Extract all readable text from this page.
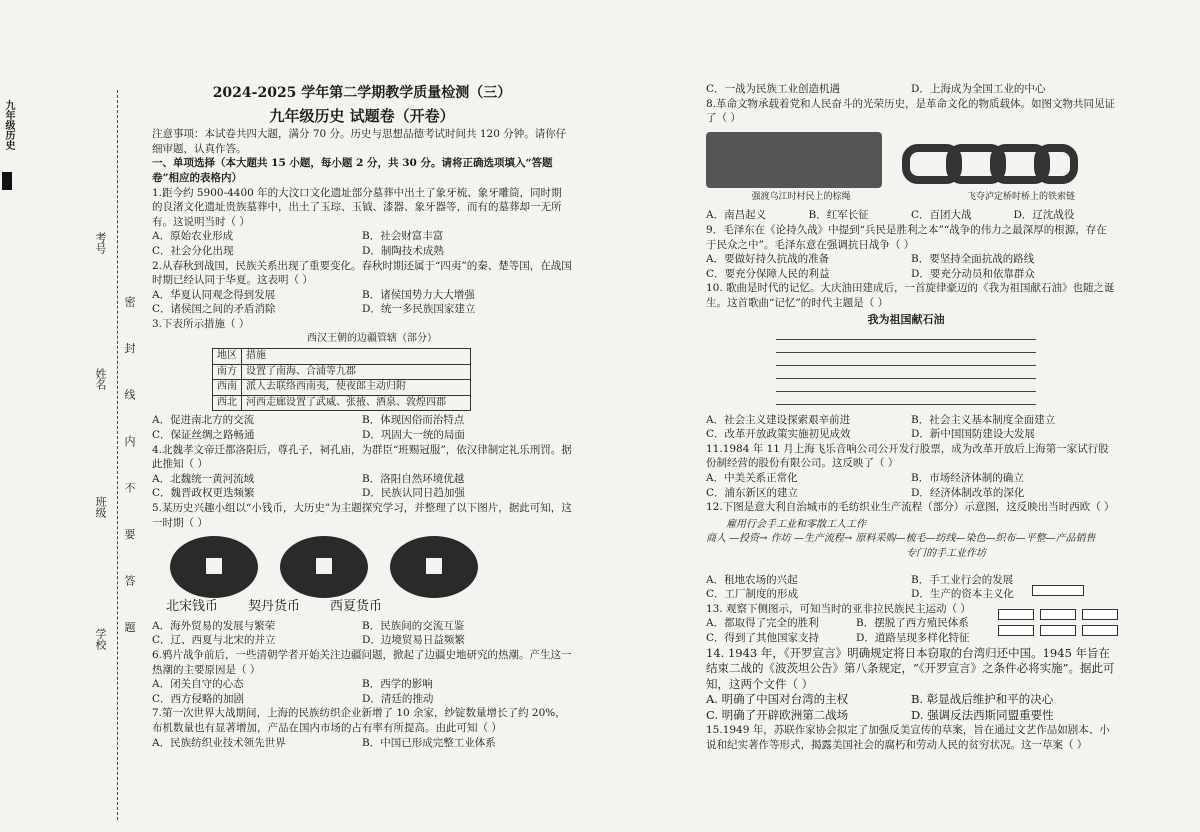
九年级历史
考号
姓名
班级
学校 密 封 线 内 不 要 答 题
2024-2025 学年第二学期教学质量检测（三）
九年级历史 试题卷（开卷）
注意事项：本试卷共四大题，满分 70 分。历史与思想品德考试时间共 120 分钟。请你仔细审题，认真作答。
一、单项选择（本大题共 15 小题，每小题 2 分，共 30 分。请将正确选项填入“答题卷”相应的表格内）
1.距今约 5900-4400 年的大汶口文化遗址部分墓葬中出土了象牙梳、象牙雕筒，同时期的良渚文化遗址贵族墓葬中，出土了玉琮、玉钺、漆器、象牙器等，而有的墓葬却一无所有。这说明当时（ ）
A．原始农业形成	B．社会财富丰富
C．社会分化出现	D．制陶技术成熟
2.从春秋到战国，民族关系出现了重要变化。春秋时期还属于“四夷”的秦、楚等国，在战国时期已经认同于华夏。这表明（ ）
A．华夏认同观念得到发展	B．诸侯国势力大大增强
C．诸侯国之间的矛盾消除	D．统一多民族国家建立
3.下表所示措施（ ）
西汉王朝的边疆管辖（部分）
地区	措施
南方	设置了南海、合浦等九郡
西南	派人去联络西南夷，使夜郎主动归附
西北	河西走廊设置了武威、张掖、酒泉、敦煌四郡
A．促进南北方的交流	B．体现因俗而治特点
C．保证丝绸之路畅通	D．巩固大一统的局面
4.北魏孝文帝迁都洛阳后，尊孔子，祠孔庙，为群臣“班赐冠服”，依汉律制定礼乐刑罚。据此推知（ ）
A．北魏统一黄河流域	B．洛阳自然环境优越
C．魏晋政权更迭频繁	D．民族认同日趋加强
5.某历史兴趣小组以“小钱币，大历史”为主题探究学习，并整理了以下图片，据此可知，这一时期（ ）
北宋钱币 契丹货币 西夏货币
A．海外贸易的发展与繁荣	B．民族间的交流互鉴
C．辽、西夏与北宋的并立	D．边境贸易日益频繁
6.鸦片战争前后，一些清朝学者开始关注边疆问题，掀起了边疆史地研究的热潮。产生这一热潮的主要原因是（ ）
A．闭关自守的心态	B．西学的影响
C．西方侵略的加剧	D．清廷的推动
7.第一次世界大战期间，上海的民族纺织企业新增了 10 余家，纱锭数量增长了约 20%，布机数量也有显著增加，产品在国内市场的占有率有所提高。由此可知（ ）
A．民族纺织业技术领先世界	B．中国已形成完整工业体系
C．一战为民族工业创造机遇	D．上海成为全国工业的中心
8.革命文物承载着党和人民奋斗的光荣历史，是革命文化的物质载体。如图文物共同见证了（ ）
强渡乌江时村民上的棕绳	飞夺泸定桥时桥上的铁索链
A．南昌起义	B．红军长征	C．百团大战	D．辽沈战役
9．毛泽东在《论持久战》中提到“兵民是胜利之本”“战争的伟力之最深厚的根源，存在于民众之中”。毛泽东意在强调抗日战争（ ）
A．要做好持久抗战的准备	B．要坚持全面抗战的路线
C．要充分保障人民的利益	D．要充分动员和依靠群众
10. 歌曲是时代的记忆。大庆油田建成后，一首旋律豪迈的《我为祖国献石油》也随之诞生。这首歌曲“记忆”的时代主题是（ ）
我为祖国献石油
A．社会主义建设探索艰辛前进	B．社会主义基本制度全面建立
C．改革开放政策实施初见成效	D．新中国国防建设大发展
11.1984 年 11 月上海飞乐音响公司公开发行股票，成为改革开放后上海第一家试行股份制经营的股份有限公司。这反映了（ ）
A．中美关系正常化	B．市场经济体制的确立
C．浦东新区的建立	D．经济体制改革的深化
12.下图是意大利自治城市的毛纺织业生产流程（部分）示意图，这反映出当时西欧（ ）
雇用行会手工业和零散工人工作
商人 —投资→ 作坊 —生产流程→ 原料采购—梳毛—纺线—染色—织布—平整—产品销售
专门的手工业作坊
A．租地农场的兴起	B．手工业行会的发展
C．工厂制度的形成	D．生产的资本主义化
13. 观察下侧图示，可知当时的亚非拉民族民主运动（ ）
A．都取得了完全的胜利	B．摆脱了西方殖民体系
C．得到了其他国家支持	D．道路呈现多样化特征
14. 1943 年，《开罗宣言》明确规定将日本窃取的台湾归还中国。1945 年旨在结束二战的《波茨坦公告》第八条规定，“《开罗宣言》之条件必将实施”。据此可知，这两个文件（ ）
A. 明确了中国对台湾的主权	B. 彰显战后维护和平的决心
C. 明确了开辟欧洲第二战场	D. 强调反法西斯同盟重要性
15.1949 年，苏联作家协会拟定了加强反美宣传的草案，旨在通过文艺作品如剧本、小说和纪实著作等形式，揭露美国社会的腐朽和劳动人民的贫穷状况。这一草案（ ）
